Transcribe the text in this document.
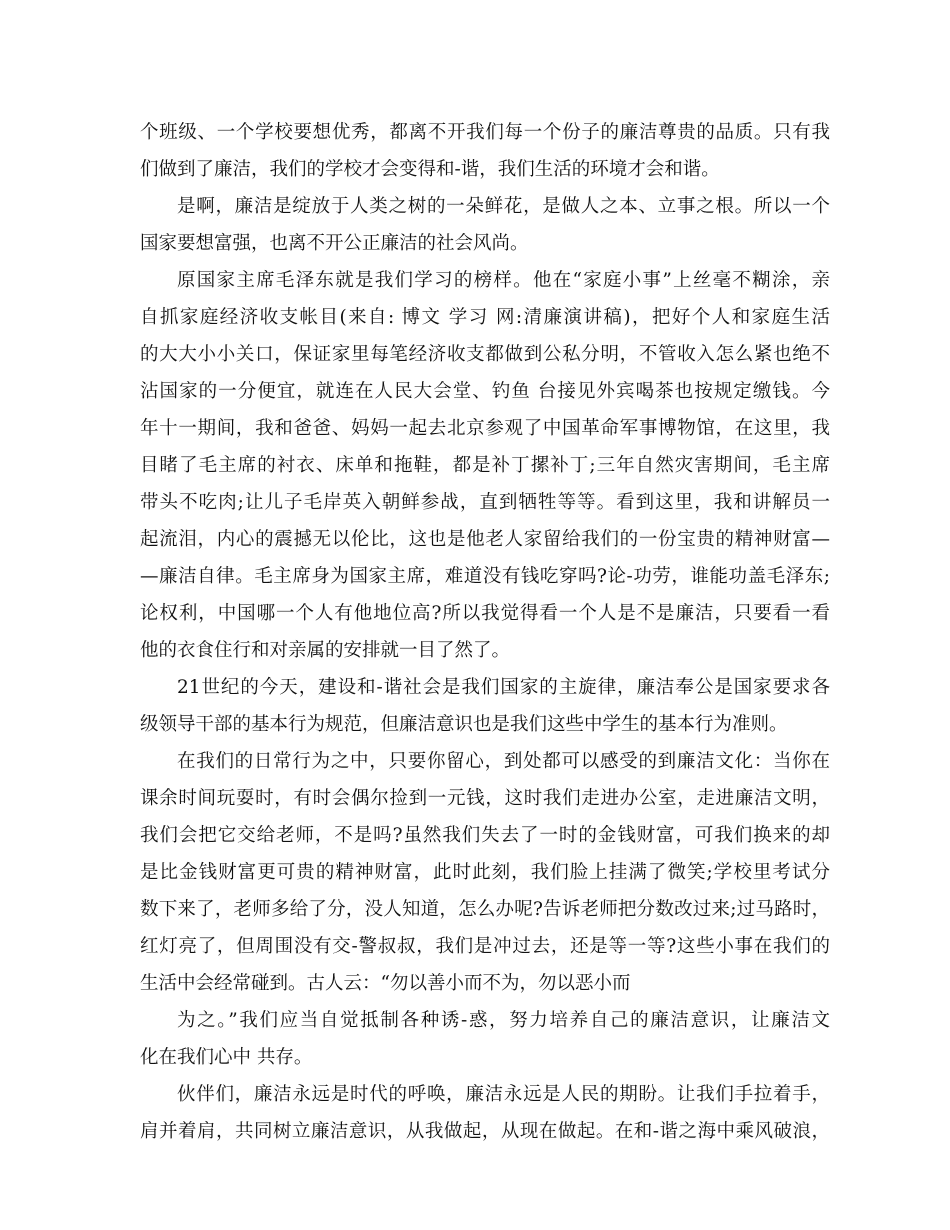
个班级、一个学校要想优秀，都离不开我们每一个份子的廉洁尊贵的品质。只有我
们做到了廉洁，我们的学校才会变得和-谐，我们生活的环境才会和谐。
是啊，廉洁是绽放于人类之树的一朵鲜花，是做人之本、立事之根。所以一个
国家要想富强，也离不开公正廉洁的社会风尚。
原国家主席毛泽东就是我们学习的榜样。他在“家庭小事”上丝毫不糊涂，亲
自抓家庭经济收支帐目(来自: 博文 学习 网:清廉演讲稿)，把好个人和家庭生活
的大大小小关口，保证家里每笔经济收支都做到公私分明，不管收入怎么紧也绝不
沾国家的一分便宜，就连在人民大会堂、钓鱼 台接见外宾喝茶也按规定缴钱。今
年十一期间，我和爸爸、妈妈一起去北京参观了中国革命军事博物馆，在这里，我
目睹了毛主席的衬衣、床单和拖鞋，都是补丁摞补丁;三年自然灾害期间，毛主席
带头不吃肉;让儿子毛岸英入朝鲜参战，直到牺牲等等。看到这里，我和讲解员一
起流泪，内心的震撼无以伦比，这也是他老人家留给我们的一份宝贵的精神财富—
—廉洁自律。毛主席身为国家主席，难道没有钱吃穿吗?论-功劳，谁能功盖毛泽东;
论权利，中国哪一个人有他地位高?所以我觉得看一个人是不是廉洁，只要看一看
他的衣食住行和对亲属的安排就一目了然了。
21世纪的今天，建设和-谐社会是我们国家的主旋律，廉洁奉公是国家要求各
级领导干部的基本行为规范，但廉洁意识也是我们这些中学生的基本行为准则。
在我们的日常行为之中，只要你留心，到处都可以感受的到廉洁文化：当你在
课余时间玩耍时，有时会偶尔捡到一元钱，这时我们走进办公室，走进廉洁文明，
我们会把它交给老师，不是吗?虽然我们失去了一时的金钱财富，可我们换来的却
是比金钱财富更可贵的精神财富，此时此刻，我们脸上挂满了微笑;学校里考试分
数下来了，老师多给了分，没人知道，怎么办呢?告诉老师把分数改过来;过马路时，
红灯亮了，但周围没有交-警叔叔，我们是冲过去，还是等一等?这些小事在我们的
生活中会经常碰到。古人云：“勿以善小而不为，勿以恶小而
为之。”我们应当自觉抵制各种诱-惑，努力培养自己的廉洁意识，让廉洁文
化在我们心中 共存。
伙伴们，廉洁永远是时代的呼唤，廉洁永远是人民的期盼。让我们手拉着手，
肩并着肩，共同树立廉洁意识，从我做起，从现在做起。在和-谐之海中乘风破浪，
